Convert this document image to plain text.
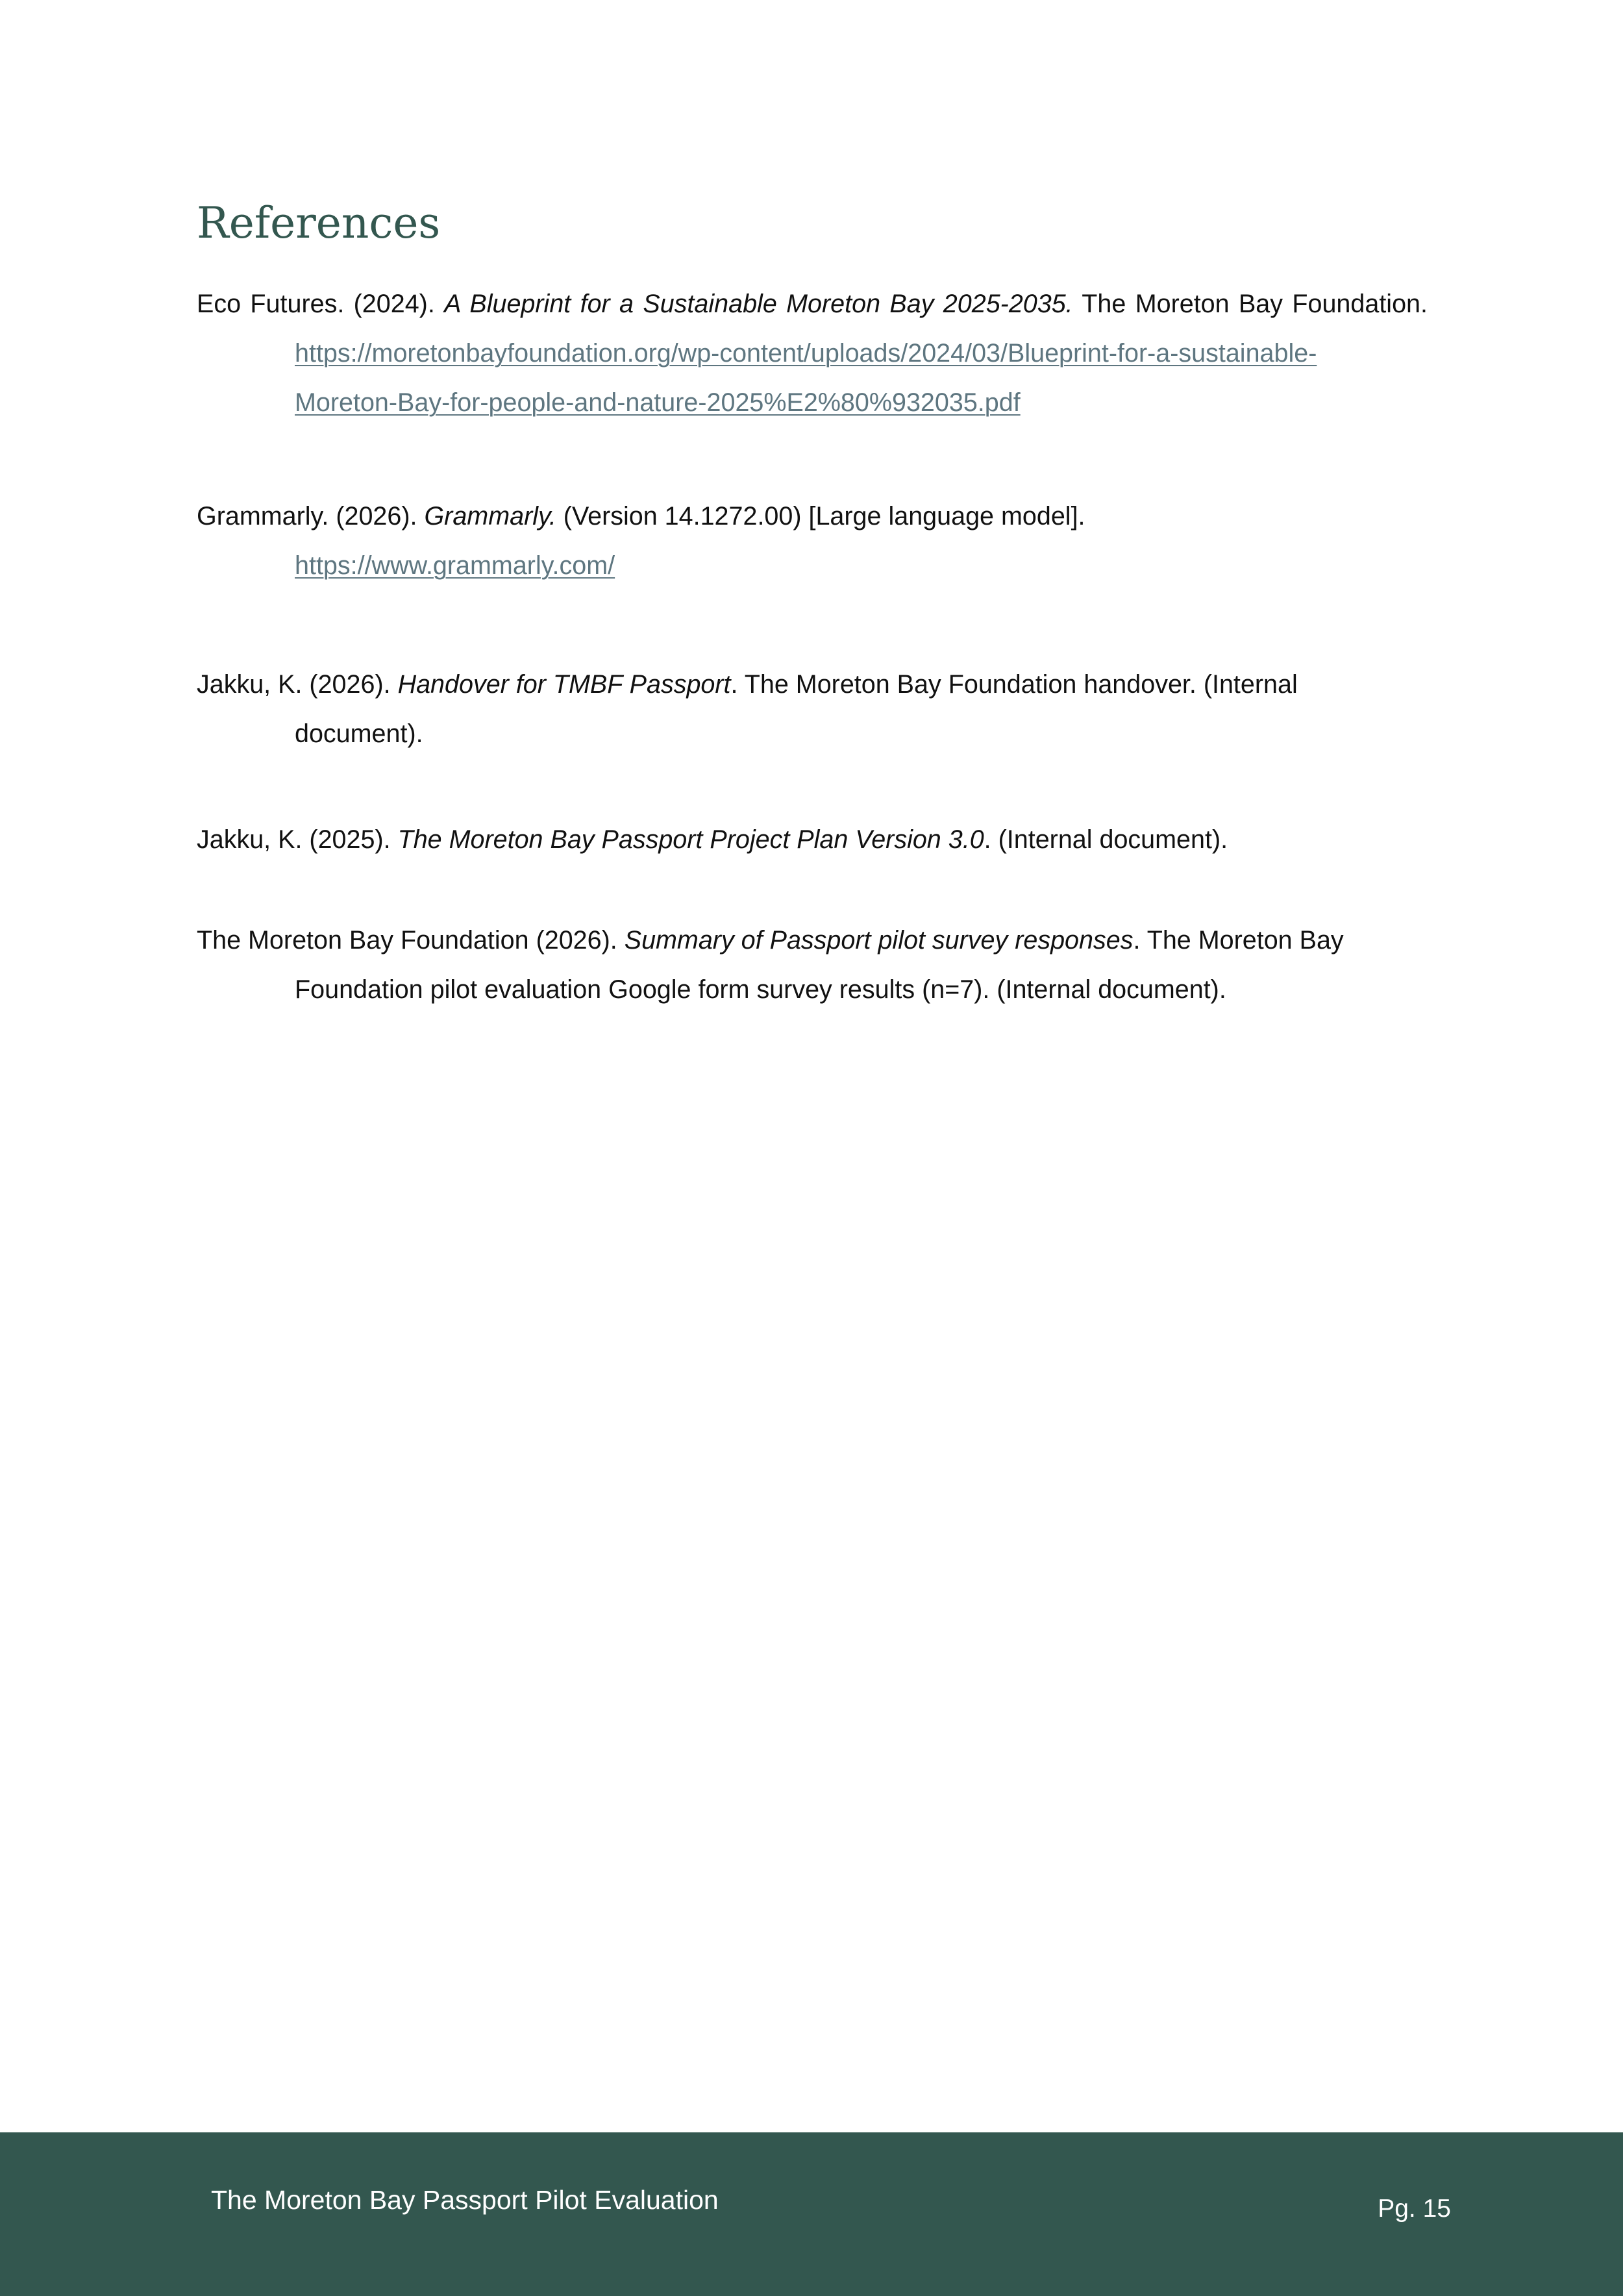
References
Eco Futures. (2024). A Blueprint for a Sustainable Moreton Bay 2025-2035. The Moreton Bay Foundation.
https://moretonbayfoundation.org/wp-content/uploads/2024/03/Blueprint-for-a-sustainable-
Moreton-Bay-for-people-and-nature-2025%E2%80%932035.pdf
Grammarly. (2026). Grammarly. (Version 14.1272.00) [Large language model].
https://www.grammarly.com/
Jakku, K. (2026). Handover for TMBF Passport. The Moreton Bay Foundation handover. (Internal
document).
Jakku, K. (2025). The Moreton Bay Passport Project Plan Version 3.0. (Internal document).
The Moreton Bay Foundation (2026). Summary of Passport pilot survey responses. The Moreton Bay
Foundation pilot evaluation Google form survey results (n=7). (Internal document).
The Moreton Bay Passport Pilot Evaluation	Pg. 15
